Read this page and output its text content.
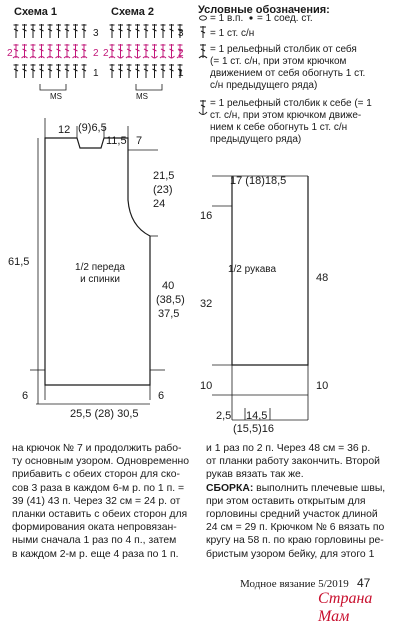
Схема 1	Схема 2
3
2
1
2
3
2
1
2
MS	MS
Условные обозначения:
= 1 в.п. = 1 соед. ст.
= 1 ст. с/н
= 1 рельефный столбик от себя
(= 1 ст. с/н, при этом крючком
движением от себя обогнуть 1 ст.
с/н предыдущего ряда)
= 1 рельефный столбик к себе (= 1
ст. с/н, при этом крючком движе-
нием к себе обогнуть 1 ст. с/н
предыдущего ряда)
12 (9)6,5
11,5 7
21,5
(23)
24
61,5
40
(38,5)
37,5
6	6
25,5 (28) 30,5
1/2 переда
и спинки
17 (18)18,5
16
32
10
48
10
2,5 14,5
(15,5)16
1/2 рукава
на крючок № 7 и продолжить рабо-
ту основным узором. Одновременно
прибавить с обеих сторон для ско-
сов 3 раза в каждом 6-м р. по 1 п. =
39 (41) 43 п. Через 32 см = 24 р. от
планки оставить с обеих сторон для
формирования оката непровязан-
ными сначала 1 раз по 4 п., затем
в каждом 2-м р. еще 4 раза по 1 п.
и 1 раз по 2 п. Через 48 см = 36 р.
от планки работу закончить. Второй
рукав вязать так же.
СБОРКА: выполнить плечевые швы,
при этом оставить открытым для
горловины средний участок длиной
24 см = 29 п. Крючком № 6 вязать по
кругу на 58 п. по краю горловины ре-
бристым узором бейку, для этого 1
Модное вязание 5/2019 47
Страна Мам
